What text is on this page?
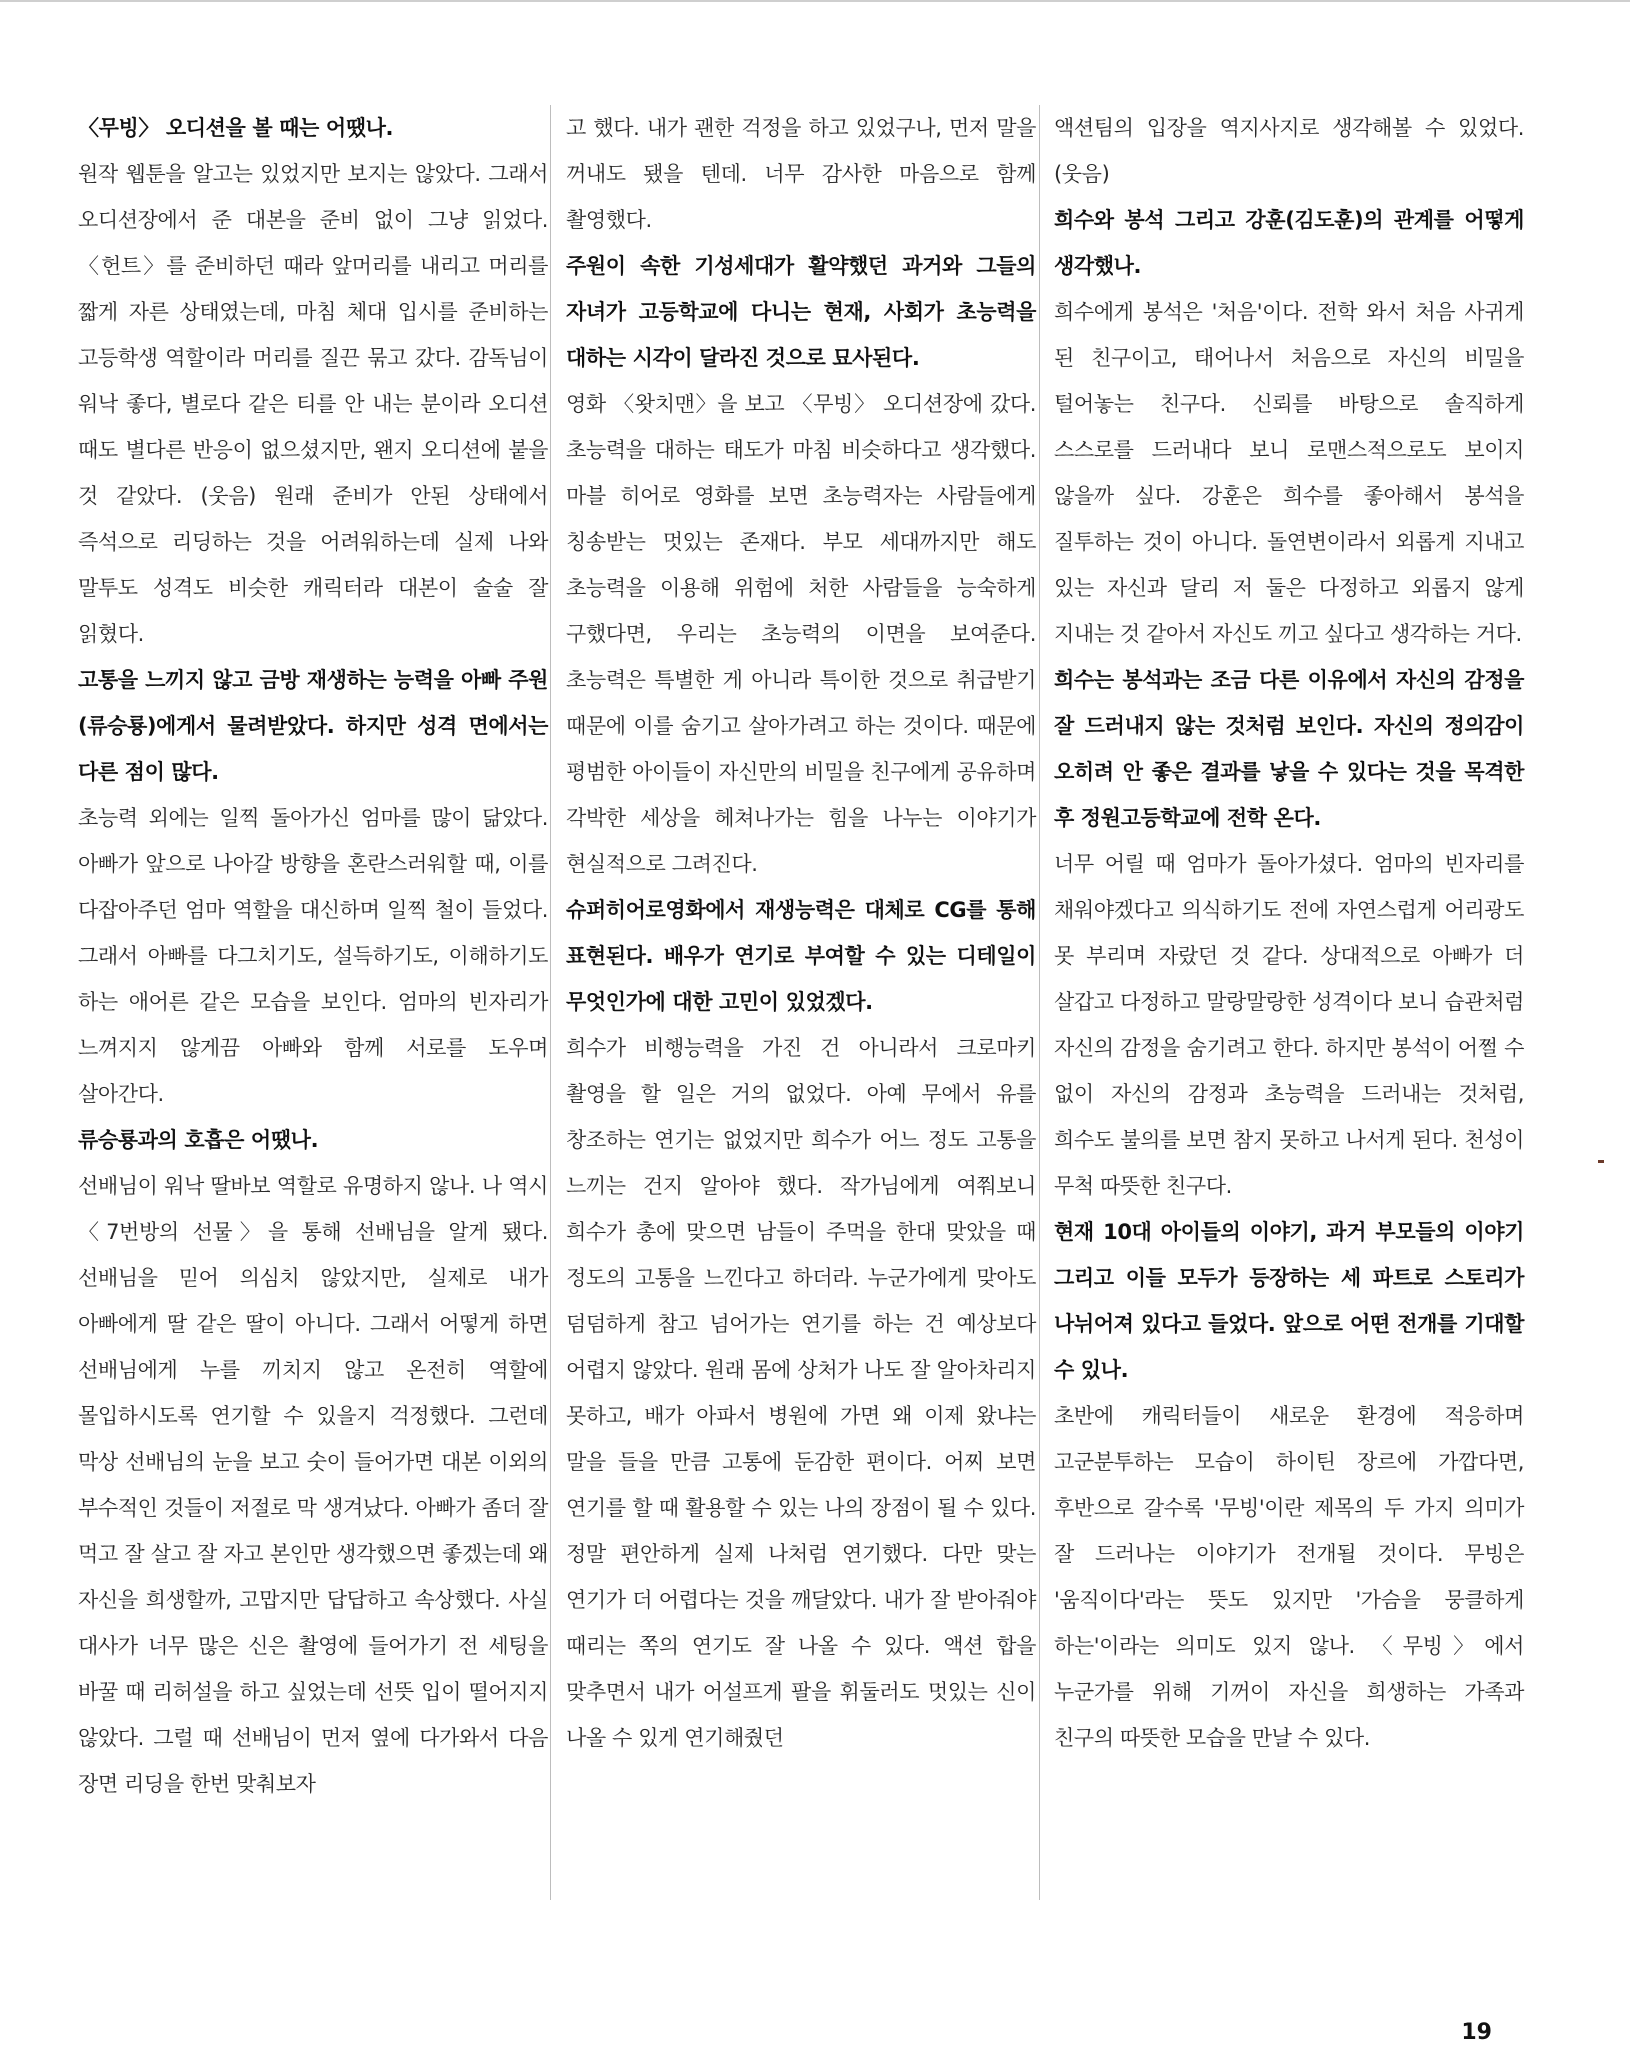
〈무빙〉 오디션을 볼 때는 어땠나.

원작 웹툰을 알고는 있었지만 보지는 않았다. 그래서 오디션장에서 준 대본을 준비 없이 그냥 읽었다. 〈헌트〉를 준비하던 때라 앞머리를 내리고 머리를 짧게 자른 상태였는데, 마침 체대 입시를 준비하는 고등학생 역할이라 머리를 질끈 묶고 갔다. 감독님이 워낙 좋다, 별로다 같은 티를 안 내는 분이라 오디션 때도 별다른 반응이 없으셨지만, 왠지 오디션에 붙을 것 같았다. (웃음) 원래 준비가 안된 상태에서 즉석으로 리딩하는 것을 어려워하는데 실제 나와 말투도 성격도 비슷한 캐릭터라 대본이 술술 잘 읽혔다.

고통을 느끼지 않고 금방 재생하는 능력을 아빠 주원(류승룡)에게서 물려받았다. 하지만 성격 면에서는 다른 점이 많다.

초능력 외에는 일찍 돌아가신 엄마를 많이 닮았다. 아빠가 앞으로 나아갈 방향을 혼란스러워할 때, 이를 다잡아주던 엄마 역할을 대신하며 일찍 철이 들었다. 그래서 아빠를 다그치기도, 설득하기도, 이해하기도 하는 애어른 같은 모습을 보인다. 엄마의 빈자리가 느껴지지 않게끔 아빠와 함께 서로를 도우며 살아간다.

류승룡과의 호흡은 어땠나.

선배님이 워낙 딸바보 역할로 유명하지 않나. 나 역시 〈7번방의 선물〉을 통해 선배님을 알게 됐다. 선배님을 믿어 의심치 않았지만, 실제로 내가 아빠에게 딸 같은 딸이 아니다. 그래서 어떻게 하면 선배님에게 누를 끼치지 않고 온전히 역할에 몰입하시도록 연기할 수 있을지 걱정했다. 그런데 막상 선배님의 눈을 보고 숫이 들어가면 대본 이외의 부수적인 것들이 저절로 막 생겨났다. 아빠가 좀더 잘 먹고 잘 살고 잘 자고 본인만 생각했으면 좋겠는데 왜 자신을 희생할까, 고맙지만 답답하고 속상했다. 사실 대사가 너무 많은 신은 촬영에 들어가기 전 세팅을 바꿀 때 리허설을 하고 싶었는데 선뜻 입이 떨어지지 않았다. 그럴 때 선배님이 먼저 옆에 다가와서 다음 장면 리딩을 한번 맞춰보자

고 했다. 내가 괜한 걱정을 하고 있었구나, 먼저 말을 꺼내도 됐을 텐데. 너무 감사한 마음으로 함께 촬영했다.

주원이 속한 기성세대가 활약했던 과거와 그들의 자녀가 고등학교에 다니는 현재, 사회가 초능력을 대하는 시각이 달라진 것으로 묘사된다.

영화 〈왓치맨〉을 보고 〈무빙〉 오디션장에 갔다. 초능력을 대하는 태도가 마침 비슷하다고 생각했다. 마블 히어로 영화를 보면 초능력자는 사람들에게 칭송받는 멋있는 존재다. 부모 세대까지만 해도 초능력을 이용해 위험에 처한 사람들을 능숙하게 구했다면, 우리는 초능력의 이면을 보여준다. 초능력은 특별한 게 아니라 특이한 것으로 취급받기 때문에 이를 숨기고 살아가려고 하는 것이다. 때문에 평범한 아이들이 자신만의 비밀을 친구에게 공유하며 각박한 세상을 헤쳐나가는 힘을 나누는 이야기가 현실적으로 그려진다.

슈퍼히어로영화에서 재생능력은 대체로 CG를 통해 표현된다. 배우가 연기로 부여할 수 있는 디테일이 무엇인가에 대한 고민이 있었겠다.

희수가 비행능력을 가진 건 아니라서 크로마키 촬영을 할 일은 거의 없었다. 아예 무에서 유를 창조하는 연기는 없었지만 희수가 어느 정도 고통을 느끼는 건지 알아야 했다. 작가님에게 여쭤보니 희수가 총에 맞으면 남들이 주먹을 한대 맞았을 때 정도의 고통을 느낀다고 하더라. 누군가에게 맞아도 덤덤하게 참고 넘어가는 연기를 하는 건 예상보다 어렵지 않았다. 원래 몸에 상처가 나도 잘 알아차리지 못하고, 배가 아파서 병원에 가면 왜 이제 왔냐는 말을 들을 만큼 고통에 둔감한 편이다. 어찌 보면 연기를 할 때 활용할 수 있는 나의 장점이 될 수 있다. 정말 편안하게 실제 나처럼 연기했다. 다만 맞는 연기가 더 어렵다는 것을 깨달았다. 내가 잘 받아줘야 때리는 쪽의 연기도 잘 나올 수 있다. 액션 합을 맞추면서 내가 어설프게 팔을 휘둘러도 멋있는 신이 나올 수 있게 연기해줬던

액션팀의 입장을 역지사지로 생각해볼 수 있었다. (웃음)

희수와 봉석 그리고 강훈(김도훈)의 관계를 어떻게 생각했나.

희수에게 봉석은 '처음'이다. 전학 와서 처음 사귀게 된 친구이고, 태어나서 처음으로 자신의 비밀을 털어놓는 친구다. 신뢰를 바탕으로 솔직하게 스스로를 드러내다 보니 로맨스적으로도 보이지 않을까 싶다. 강훈은 희수를 좋아해서 봉석을 질투하는 것이 아니다. 돌연변이라서 외롭게 지내고 있는 자신과 달리 저 둘은 다정하고 외롭지 않게 지내는 것 같아서 자신도 끼고 싶다고 생각하는 거다.

희수는 봉석과는 조금 다른 이유에서 자신의 감정을 잘 드러내지 않는 것처럼 보인다. 자신의 정의감이 오히려 안 좋은 결과를 낳을 수 있다는 것을 목격한 후 정원고등학교에 전학 온다.

너무 어릴 때 엄마가 돌아가셨다. 엄마의 빈자리를 채워야겠다고 의식하기도 전에 자연스럽게 어리광도 못 부리며 자랐던 것 같다. 상대적으로 아빠가 더 살갑고 다정하고 말랑말랑한 성격이다 보니 습관처럼 자신의 감정을 숨기려고 한다. 하지만 봉석이 어쩔 수 없이 자신의 감정과 초능력을 드러내는 것처럼, 희수도 불의를 보면 참지 못하고 나서게 된다. 천성이 무척 따뜻한 친구다.

현재 10대 아이들의 이야기, 과거 부모들의 이야기 그리고 이들 모두가 등장하는 세 파트로 스토리가 나뉘어져 있다고 들었다. 앞으로 어떤 전개를 기대할 수 있나.

초반에 캐릭터들이 새로운 환경에 적응하며 고군분투하는 모습이 하이틴 장르에 가깝다면, 후반으로 갈수록 '무빙'이란 제목의 두 가지 의미가 잘 드러나는 이야기가 전개될 것이다. 무빙은 '움직이다'라는 뜻도 있지만 '가슴을 뭉클하게 하는'이라는 의미도 있지 않나. 〈무빙〉에서 누군가를 위해 기꺼이 자신을 희생하는 가족과 친구의 따뜻한 모습을 만날 수 있다.

19
